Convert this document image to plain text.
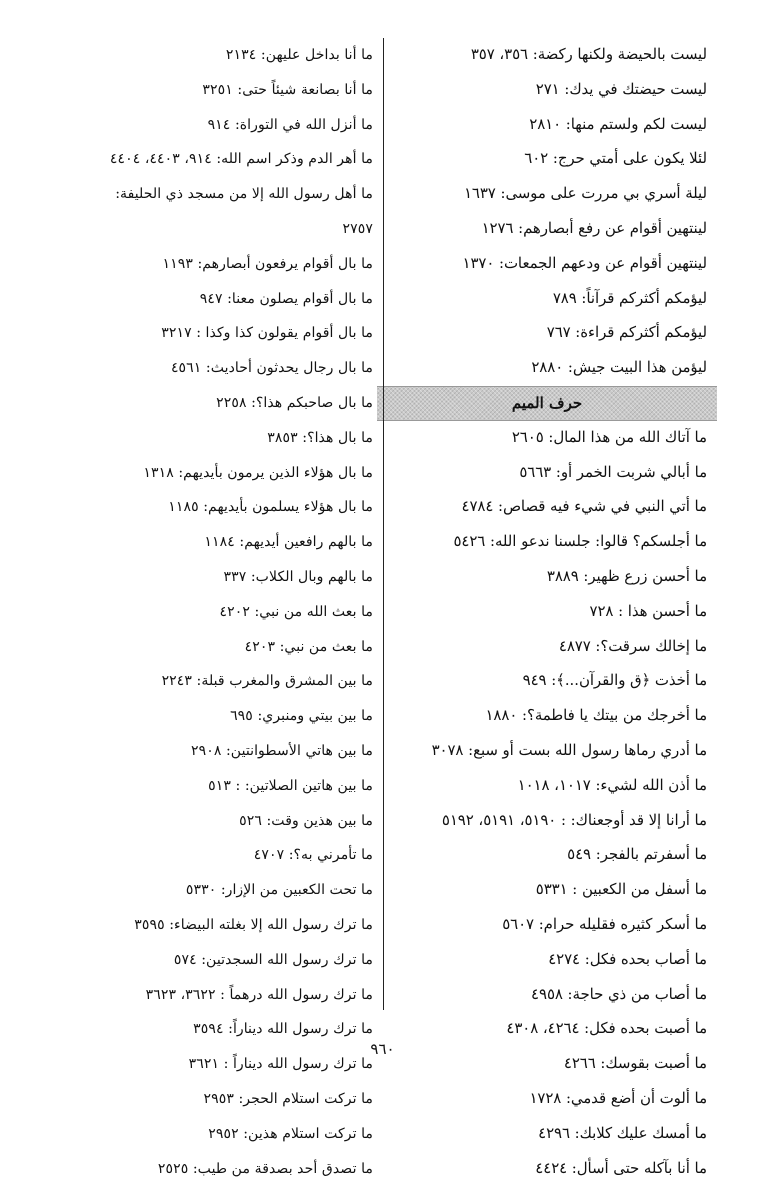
ليست بالحيضة ولكنها ركضة: ٣٥٦، ٣٥٧
ليست حيضتك في يدك: ٢٧١
ليست لكم ولستم منها: ٢٨١٠
لئلا يكون على أمتي حرج: ٦٠٢
ليلة أسري بي مررت على موسى: ١٦٣٧
لينتهين أقوام عن رفع أبصارهم: ١٢٧٦
لينتهين أقوام عن ودعهم الجمعات: ١٣٧٠
ليؤمكم أكثركم قرآناً: ٧٨٩
ليؤمكم أكثركم قراءة: ٧٦٧
ليؤمن هذا البيت جيش: ٢٨٨٠
حرف الميم
ما آتاك الله من هذا المال: ٢٦٠٥
ما أبالي شربت الخمر أو: ٥٦٦٣
ما أتي النبي في شيء فيه قصاص: ٤٧٨٤
ما أجلسكم؟ قالوا: جلسنا ندعو الله: ٥٤٢٦
ما أحسن زرع ظهير: ٣٨٨٩
ما أحسن هذا : ٧٢٨
ما إخالك سرقت؟: ٤٨٧٧
ما أخذت ﴿ق والقرآن...﴾: ٩٤٩
ما أخرجك من بيتك يا فاطمة؟: ١٨٨٠
ما أدري رماها رسول الله بست أو سبع: ٣٠٧٨
ما أذن الله لشيء: ١٠١٧، ١٠١٨
ما أرانا إلا قد أوجعناك: : ٥١٩٠، ٥١٩١، ٥١٩٢
ما أسفرتم بالفجر: ٥٤٩
ما أسفل من الكعبين : ٥٣٣١
ما أسكر كثيره فقليله حرام: ٥٦٠٧
ما أصاب بحده فكل: ٤٢٧٤
ما أصاب من ذي حاجة: ٤٩٥٨
ما أصبت بحده فكل: ٤٢٦٤، ٤٣٠٨
ما أصبت بقوسك: ٤٢٦٦
ما ألوت أن أضع قدمي: ١٧٢٨
ما أمسك عليك كلابك: ٤٢٩٦
ما أنا بآكله حتى أسأل: ٤٤٢٤
ما أنا بداخل عليهن: ٢١٣٤
ما أنا بصانعة شيئاً حتى: ٣٢٥١
ما أنزل الله في التوراة: ٩١٤
ما أهر الدم وذكر اسم الله: ٩١٤، ٤٤٠٣، ٤٤٠٤
ما أهل رسول الله إلا من مسجد ذي الحليفة:
٢٧٥٧
ما بال أقوام يرفعون أبصارهم: ١١٩٣
ما بال أقوام يصلون معنا: ٩٤٧
ما بال أقوام يقولون كذا وكذا : ٣٢١٧
ما بال رجال يحدثون أحاديث: ٤٥٦١
ما بال صاحبكم هذا؟: ٢٢٥٨
ما بال هذا؟: ٣٨٥٣
ما بال هؤلاء الذين يرمون بأيديهم: ١٣١٨
ما بال هؤلاء يسلمون بأيديهم: ١١٨٥
ما بالهم رافعين أيديهم: ١١٨٤
ما بالهم وبال الكلاب: ٣٣٧
ما بعث الله من نبي: ٤٢٠٢
ما بعث من نبي: ٤٢٠٣
ما بين المشرق والمغرب قبلة: ٢٢٤٣
ما بين بيتي ومنبري: ٦٩٥
ما بين هاتي الأسطوانتين: ٢٩٠٨
ما بين هاتين الصلاتين: : ٥١٣
ما بين هذين وقت: ٥٢٦
ما تأمرني به؟: ٤٧٠٧
ما تحت الكعبين من الإزار: ٥٣٣٠
ما ترك رسول الله إلا بغلته البيضاء: ٣٥٩٥
ما ترك رسول الله السجدتين: ٥٧٤
ما ترك رسول الله درهماً : ٣٦٢٢، ٣٦٢٣
ما ترك رسول الله ديناراً: ٣٥٩٤
ما ترك رسول الله ديناراً : ٣٦٢١
ما تركت استلام الحجر: ٢٩٥٣
ما تركت استلام هذين: ٢٩٥٢
ما تصدق أحد بصدقة من طيب: ٢٥٢٥
٩٦٠
